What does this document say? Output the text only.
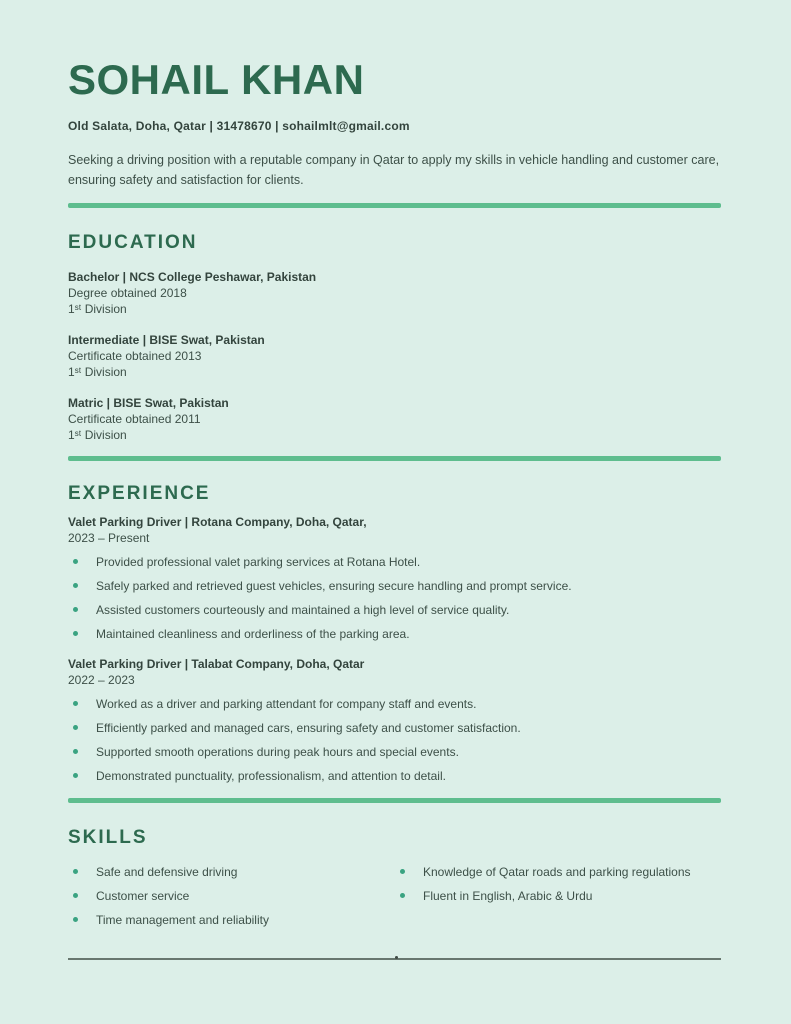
SOHAIL KHAN
Old Salata, Doha, Qatar | 31478670 | sohailmlt@gmail.com

Seeking a driving position with a reputable company in Qatar to apply my skills in vehicle handling and customer care, ensuring safety and satisfaction for clients.

EDUCATION
Bachelor | NCS College Peshawar, Pakistan
Degree obtained 2018
1ˢᵗ Division
Intermediate | BISE Swat, Pakistan
Certificate obtained 2013
1ˢᵗ Division
Matric | BISE Swat, Pakistan
Certificate obtained 2011
1ˢᵗ Division
EXPERIENCE
Valet Parking Driver | Rotana Company, Doha, Qatar,
2023 – Present
Provided professional valet parking services at Rotana Hotel.
Safely parked and retrieved guest vehicles, ensuring secure handling and prompt service.
Assisted customers courteously and maintained a high level of service quality.
Maintained cleanliness and orderliness of the parking area.
Valet Parking Driver | Talabat Company, Doha, Qatar
2022 – 2023
Worked as a driver and parking attendant for company staff and events.
Efficiently parked and managed cars, ensuring safety and customer satisfaction.
Supported smooth operations during peak hours and special events.
Demonstrated punctuality, professionalism, and attention to detail.
SKILLS
Safe and defensive driving
Customer service
Time management and reliability
Knowledge of Qatar roads and parking regulations
Fluent in English, Arabic & Urdu
